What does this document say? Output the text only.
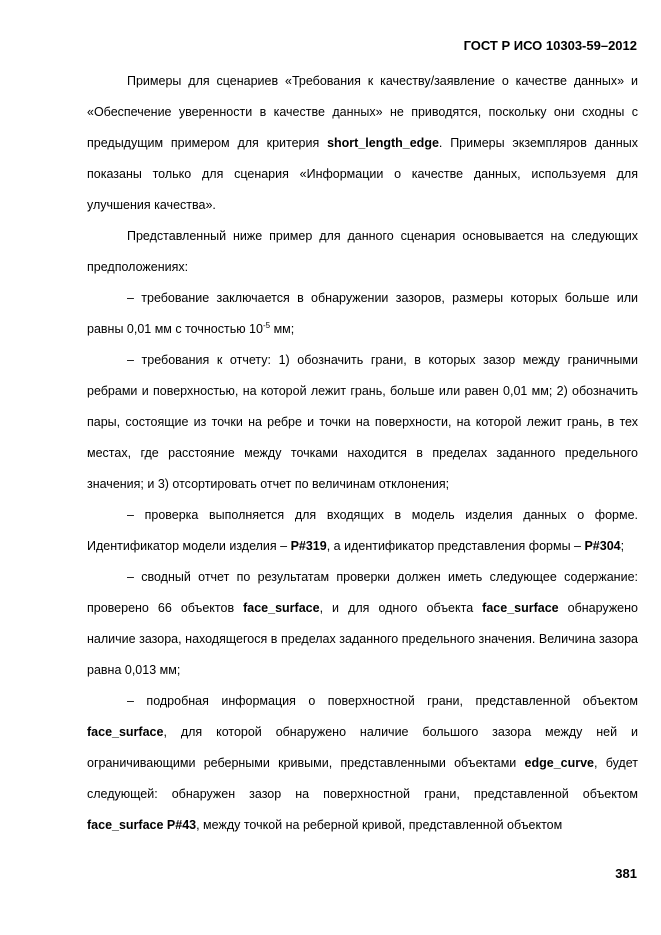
ГОСТ Р ИСО 10303-59–2012

Примеры для сценариев «Требования к качеству/заявление о качестве данных» и «Обеспечение уверенности в качестве данных» не приводятся, поскольку они сходны с предыдущим примером для критерия short_length_edge. Примеры экземпляров данных показаны только для сценария «Информации о качестве данных, используемя для улучшения качества».

Представленный ниже пример для данного сценария основывается на следующих предположениях:

– требование заключается в обнаружении зазоров, размеры которых больше или равны 0,01 мм с точностью $10^{-5}$ мм;

– требования к отчету: 1) обозначить грани, в которых зазор между граничными ребрами и поверхностью, на которой лежит грань, больше или равен 0,01 мм; 2) обозначить пары, состоящие из точки на ребре и точки на поверхности, на которой лежит грань, в тех местах, где расстояние между точками находится в пределах заданного предельного значения; и 3) отсортировать отчет по величинам отклонения;

– проверка выполняется для входящих в модель изделия данных о форме. Идентификатор модели изделия – P#319, а идентификатор представления формы – P#304;

– сводный отчет по результатам проверки должен иметь следующее содержание: проверено 66 объектов face_surface, и для одного объекта face_surface обнаружено наличие зазора, находящегося в пределах заданного предельного значения. Величина зазора равна 0,013 мм;

– подробная информация о поверхностной грани, представленной объектом face_surface, для которой обнаружено наличие большого зазора между ней и ограничивающими реберными кривыми, представленными объектами edge_curve, будет следующей: обнаружен зазор на поверхностной грани, представленной объектом face_surface P#43, между точкой на реберной кривой, представленной объектом

381
